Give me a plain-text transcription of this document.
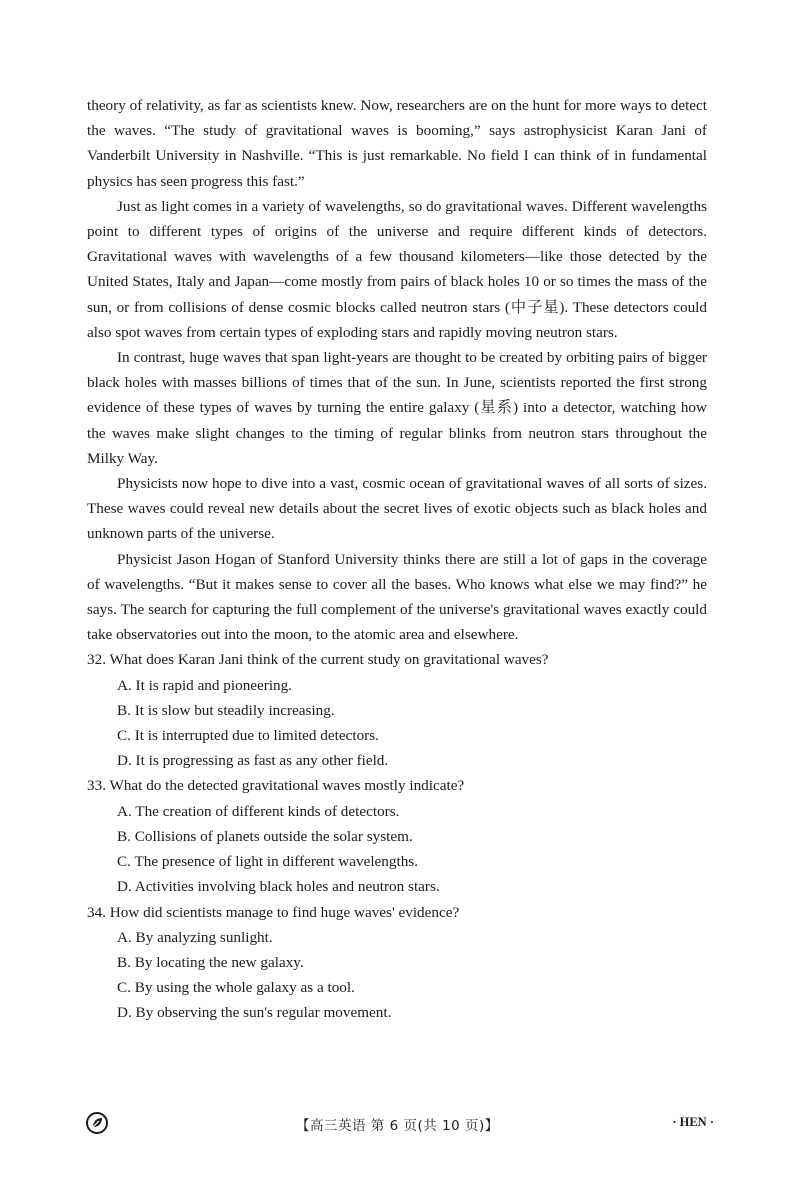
theory of relativity, as far as scientists knew. Now, researchers are on the hunt for more ways to detect the waves. “The study of gravitational waves is booming,” says astrophysicist Karan Jani of Vanderbilt University in Nashville. “This is just remarkable. No field I can think of in fundamental physics has seen progress this fast.”

Just as light comes in a variety of wavelengths, so do gravitational waves. Different wavelengths point to different types of origins of the universe and require different kinds of detectors. Gravitational waves with wavelengths of a few thousand kilometers—like those detected by the United States, Italy and Japan—come mostly from pairs of black holes 10 or so times the mass of the sun, or from collisions of dense cosmic blocks called neutron stars (中子星). These detectors could also spot waves from certain types of exploding stars and rapidly moving neutron stars.

In contrast, huge waves that span light-years are thought to be created by orbiting pairs of bigger black holes with masses billions of times that of the sun. In June, scientists reported the first strong evidence of these types of waves by turning the entire galaxy (星系) into a detector, watching how the waves make slight changes to the timing of regular blinks from neutron stars throughout the Milky Way.

Physicists now hope to dive into a vast, cosmic ocean of gravitational waves of all sorts of sizes. These waves could reveal new details about the secret lives of exotic objects such as black holes and unknown parts of the universe.

Physicist Jason Hogan of Stanford University thinks there are still a lot of gaps in the coverage of wavelengths. “But it makes sense to cover all the bases. Who knows what else we may find?” he says. The search for capturing the full complement of the universe's gravitational waves exactly could take observatories out into the moon, to the atomic area and elsewhere.

32. What does Karan Jani think of the current study on gravitational waves?

A. It is rapid and pioneering.

B. It is slow but steadily increasing.

C. It is interrupted due to limited detectors.

D. It is progressing as fast as any other field.

33. What do the detected gravitational waves mostly indicate?

A. The creation of different kinds of detectors.

B. Collisions of planets outside the solar system.

C. The presence of light in different wavelengths.

D. Activities involving black holes and neutron stars.

34. How did scientists manage to find huge waves' evidence?

A. By analyzing sunlight.

B. By locating the new galaxy.

C. By using the whole galaxy as a tool.

D. By observing the sun's regular movement.

【高三英语 第 6 页(共 10 页)】	· HEN ·
